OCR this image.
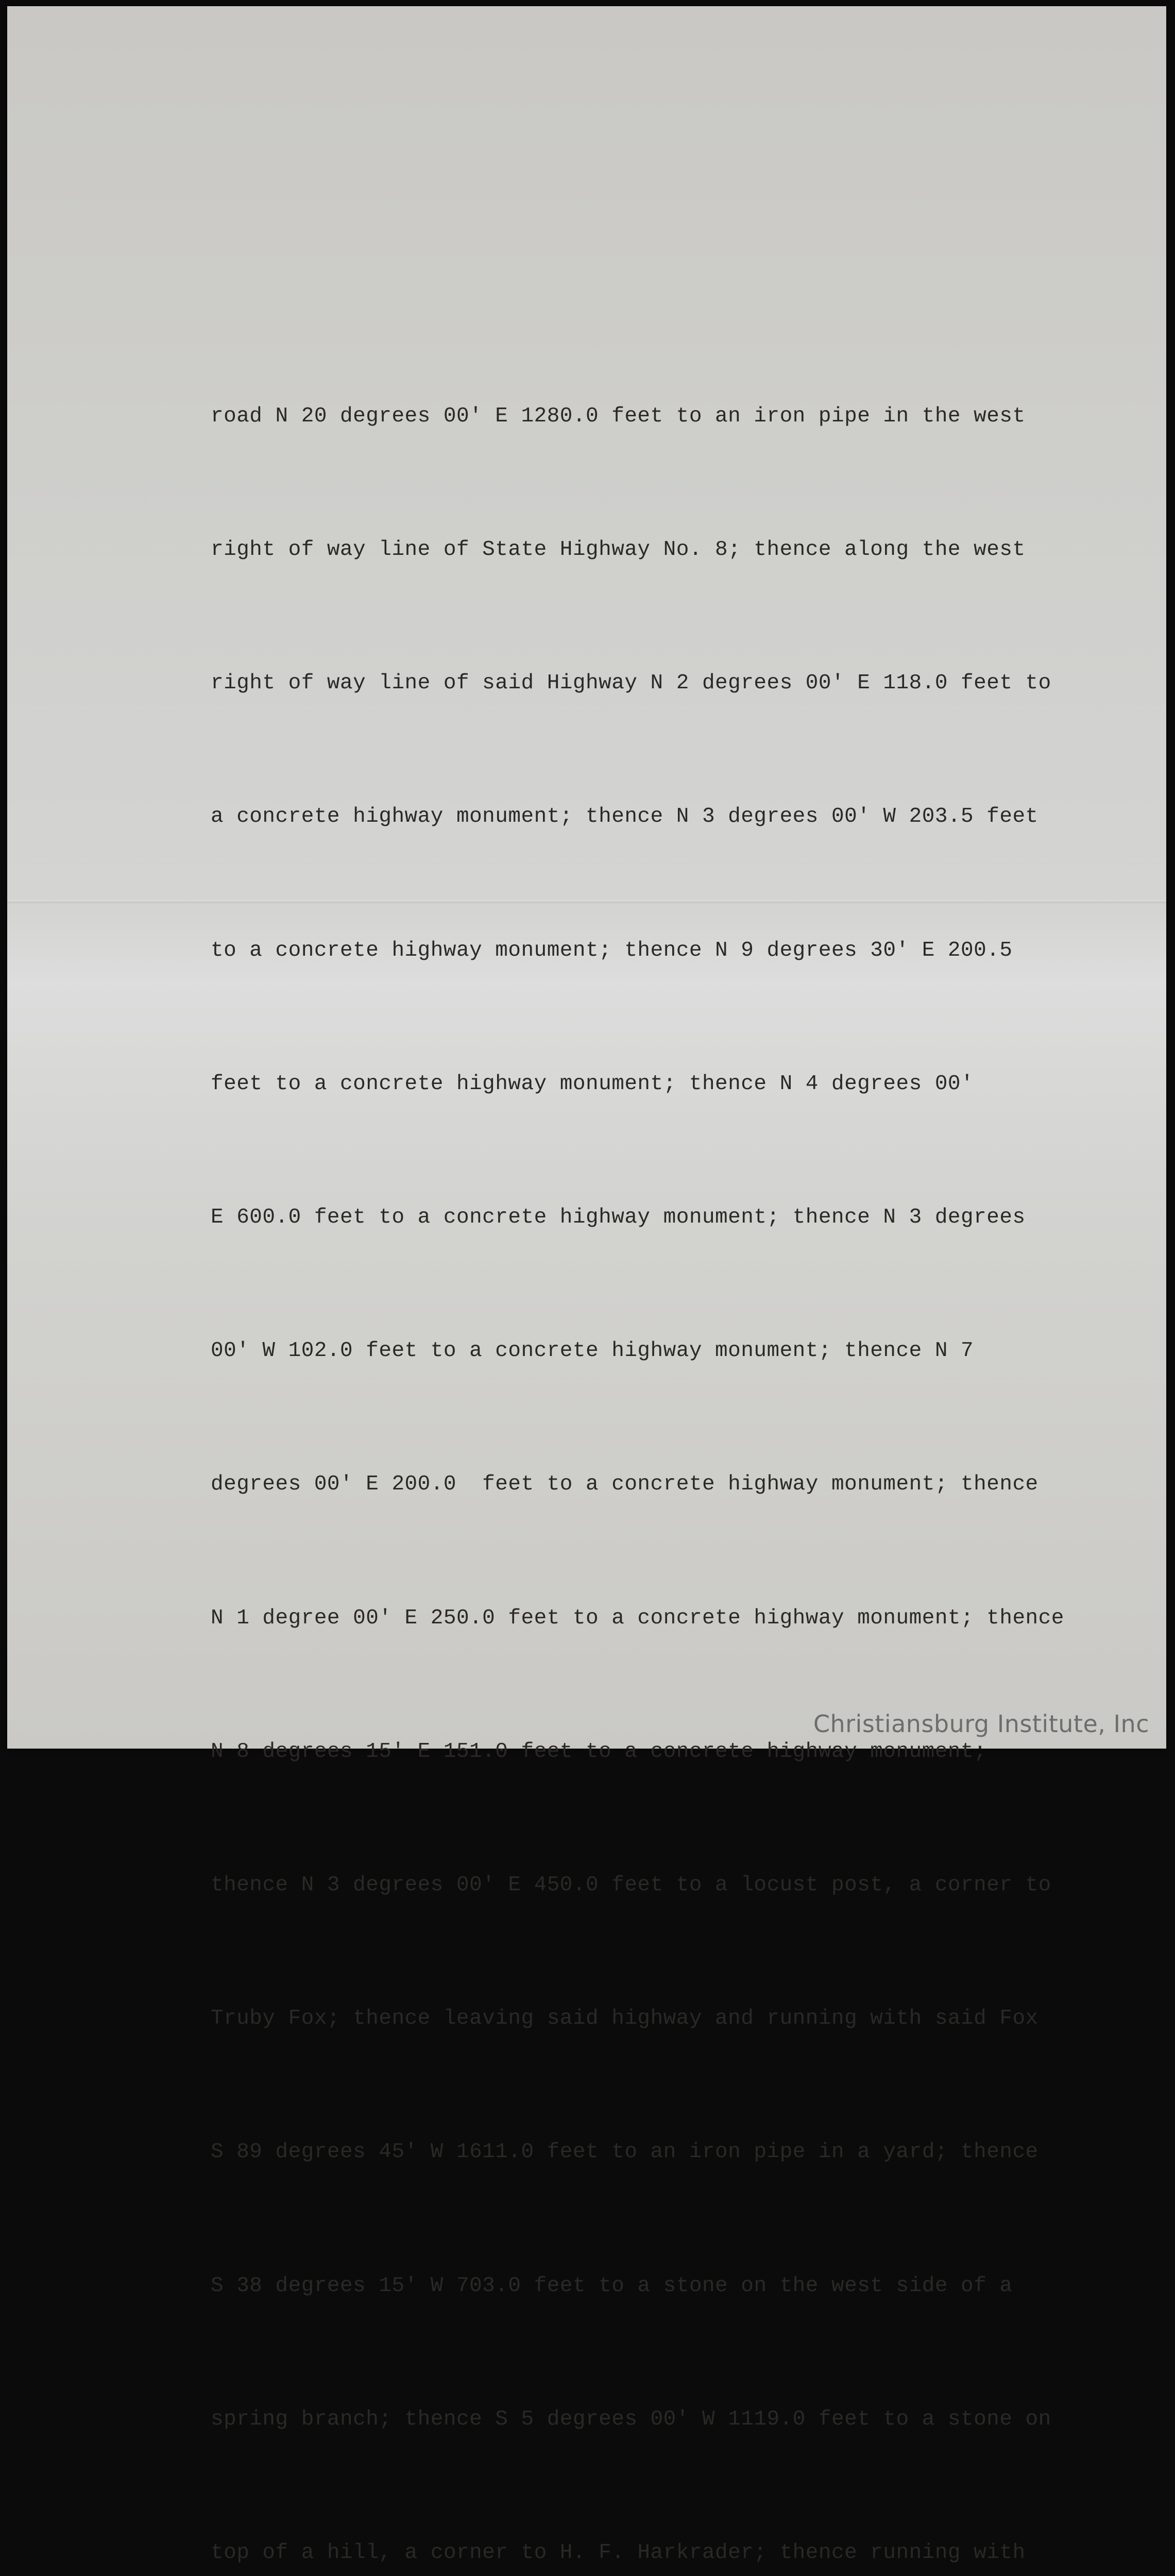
road N 20 degrees 00' E 1280.0 feet to an iron pipe in the west

right of way line of State Highway No. 8; thence along the west

right of way line of said Highway N 2 degrees 00' E 118.0 feet to

a concrete highway monument; thence N 3 degrees 00' W 203.5 feet

to a concrete highway monument; thence N 9 degrees 30' E 200.5

feet to a concrete highway monument; thence N 4 degrees 00'

E 600.0 feet to a concrete highway monument; thence N 3 degrees

00' W 102.0 feet to a concrete highway monument; thence N 7

degrees 00' E 200.0  feet to a concrete highway monument; thence

N 1 degree 00' E 250.0 feet to a concrete highway monument; thence

N 8 degrees 15' E 151.0 feet to a concrete highway monument;

thence N 3 degrees 00' E 450.0 feet to a locust post, a corner to

Truby Fox; thence leaving said highway and running with said Fox

S 89 degrees 45' W 1611.0 feet to an iron pipe in a yard; thence

S 38 degrees 15' W 703.0 feet to a stone on the west side of a

spring branch; thence S 5 degrees 00' W 1119.0 feet to a stone on

top of a hill, a corner to H. F. Harkrader; thence running with

Christiansburg Institute, Inc
